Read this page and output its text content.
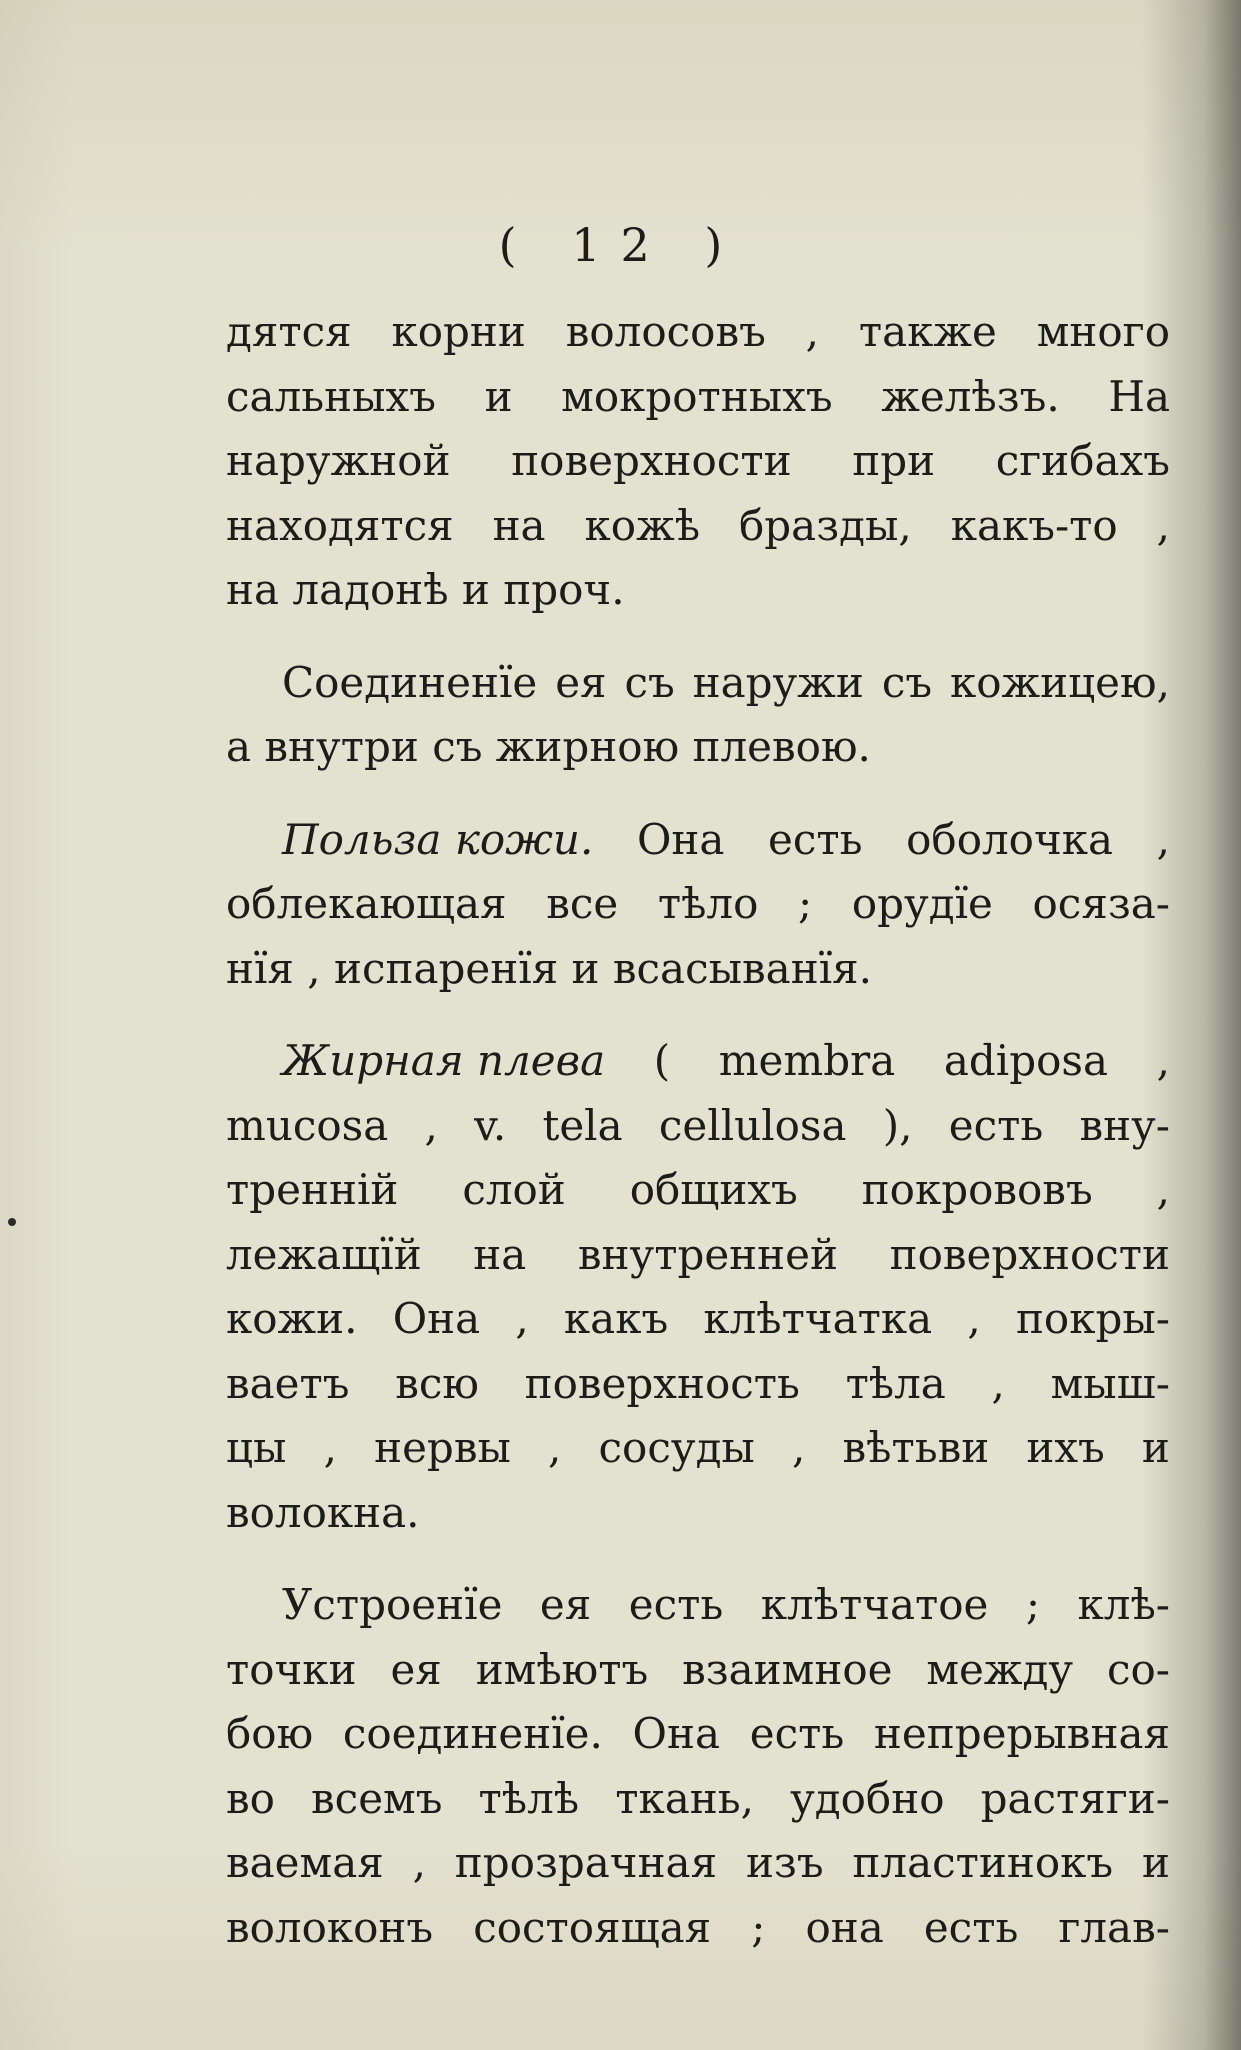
( 12 )
дятся корни волосовъ , также много
сальныхъ и мокротныхъ желѣзъ. На
наружной поверхности при сгибахъ
находятся на кожѣ бразды, какъ-то ,
на ладонѣ и проч.
Соединенїе ея съ наружи съ кожицею,
а внутри съ жирною плевою.
Польза кожи. Она есть оболочка ,
облекающая все тѣло ; орудїе осяза-
нїя , испаренїя и всасыванїя.
Жирная плева ( membra adiposa ,
mucosa , v. tela cellulosa ), есть вну-
тренній слой общихъ покрововъ ,
лежащїй на внутренней поверхности
кожи. Она , какъ клѣтчатка , покры-
ваетъ всю поверхность тѣла , мыш-
цы , нервы , сосуды , вѣтьви ихъ и
волокна.
Устроенїе ея есть клѣтчатое ; клѣ-
точки ея имѣютъ взаимное между со-
бою соединенїе. Она есть непрерывная
во всемъ тѣлѣ ткань, удобно растяги-
ваемая , прозрачная изъ пластинокъ и
волоконъ состоящая ; она есть глав-
